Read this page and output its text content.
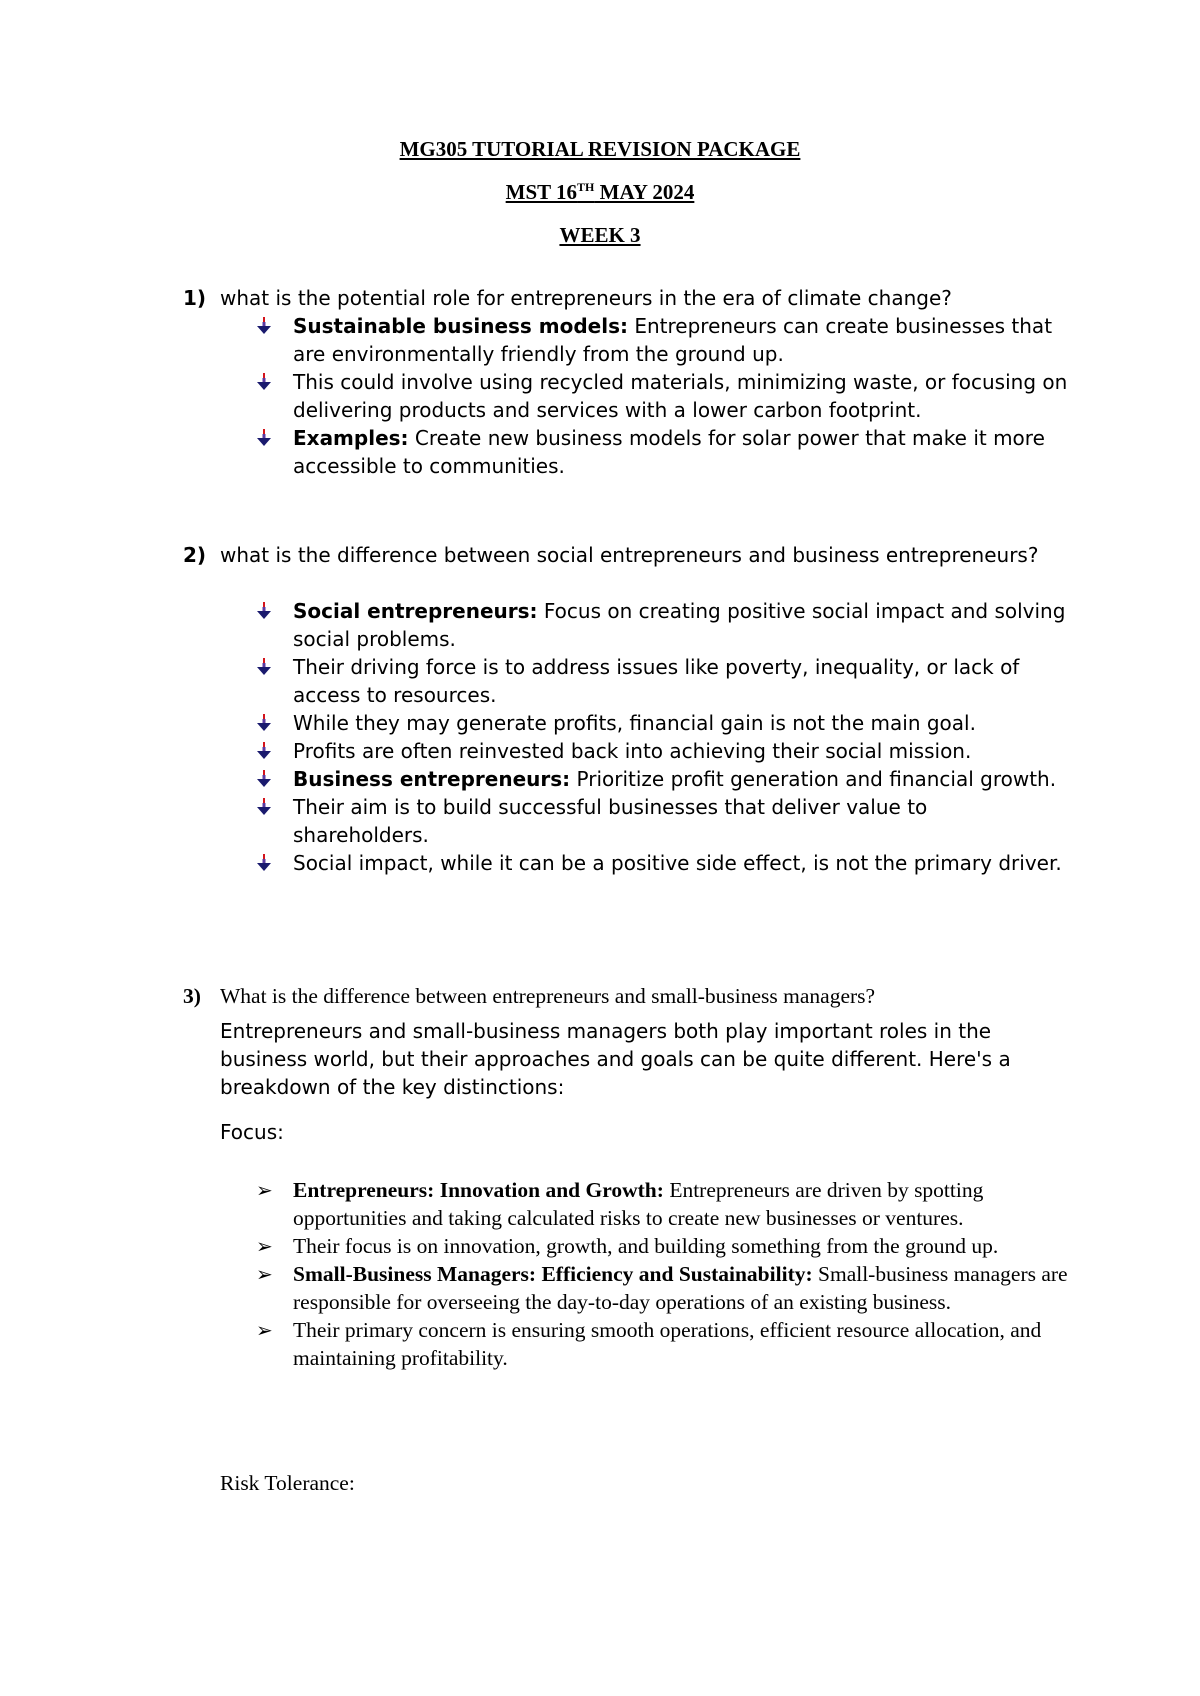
MG305 TUTORIAL REVISION PACKAGE
MST 16TH MAY 2024
WEEK 3
1) what is the potential role for entrepreneurs in the era of climate change?
Sustainable business models: Entrepreneurs can create businesses that are environmentally friendly from the ground up.
This could involve using recycled materials, minimizing waste, or focusing on delivering products and services with a lower carbon footprint.
Examples: Create new business models for solar power that make it more accessible to communities.
2) what is the difference between social entrepreneurs and business entrepreneurs?
Social entrepreneurs: Focus on creating positive social impact and solving social problems.
Their driving force is to address issues like poverty, inequality, or lack of access to resources.
While they may generate profits, financial gain is not the main goal.
Profits are often reinvested back into achieving their social mission.
Business entrepreneurs: Prioritize profit generation and financial growth.
Their aim is to build successful businesses that deliver value to shareholders.
Social impact, while it can be a positive side effect, is not the primary driver.
3) What is the difference between entrepreneurs and small-business managers?
Entrepreneurs and small-business managers both play important roles in the business world, but their approaches and goals can be quite different. Here's a breakdown of the key distinctions:
Focus:
➢ Entrepreneurs: Innovation and Growth: Entrepreneurs are driven by spotting opportunities and taking calculated risks to create new businesses or ventures.
➢ Their focus is on innovation, growth, and building something from the ground up.
➢ Small-Business Managers: Efficiency and Sustainability: Small-business managers are responsible for overseeing the day-to-day operations of an existing business.
➢ Their primary concern is ensuring smooth operations, efficient resource allocation, and maintaining profitability.
Risk Tolerance:
